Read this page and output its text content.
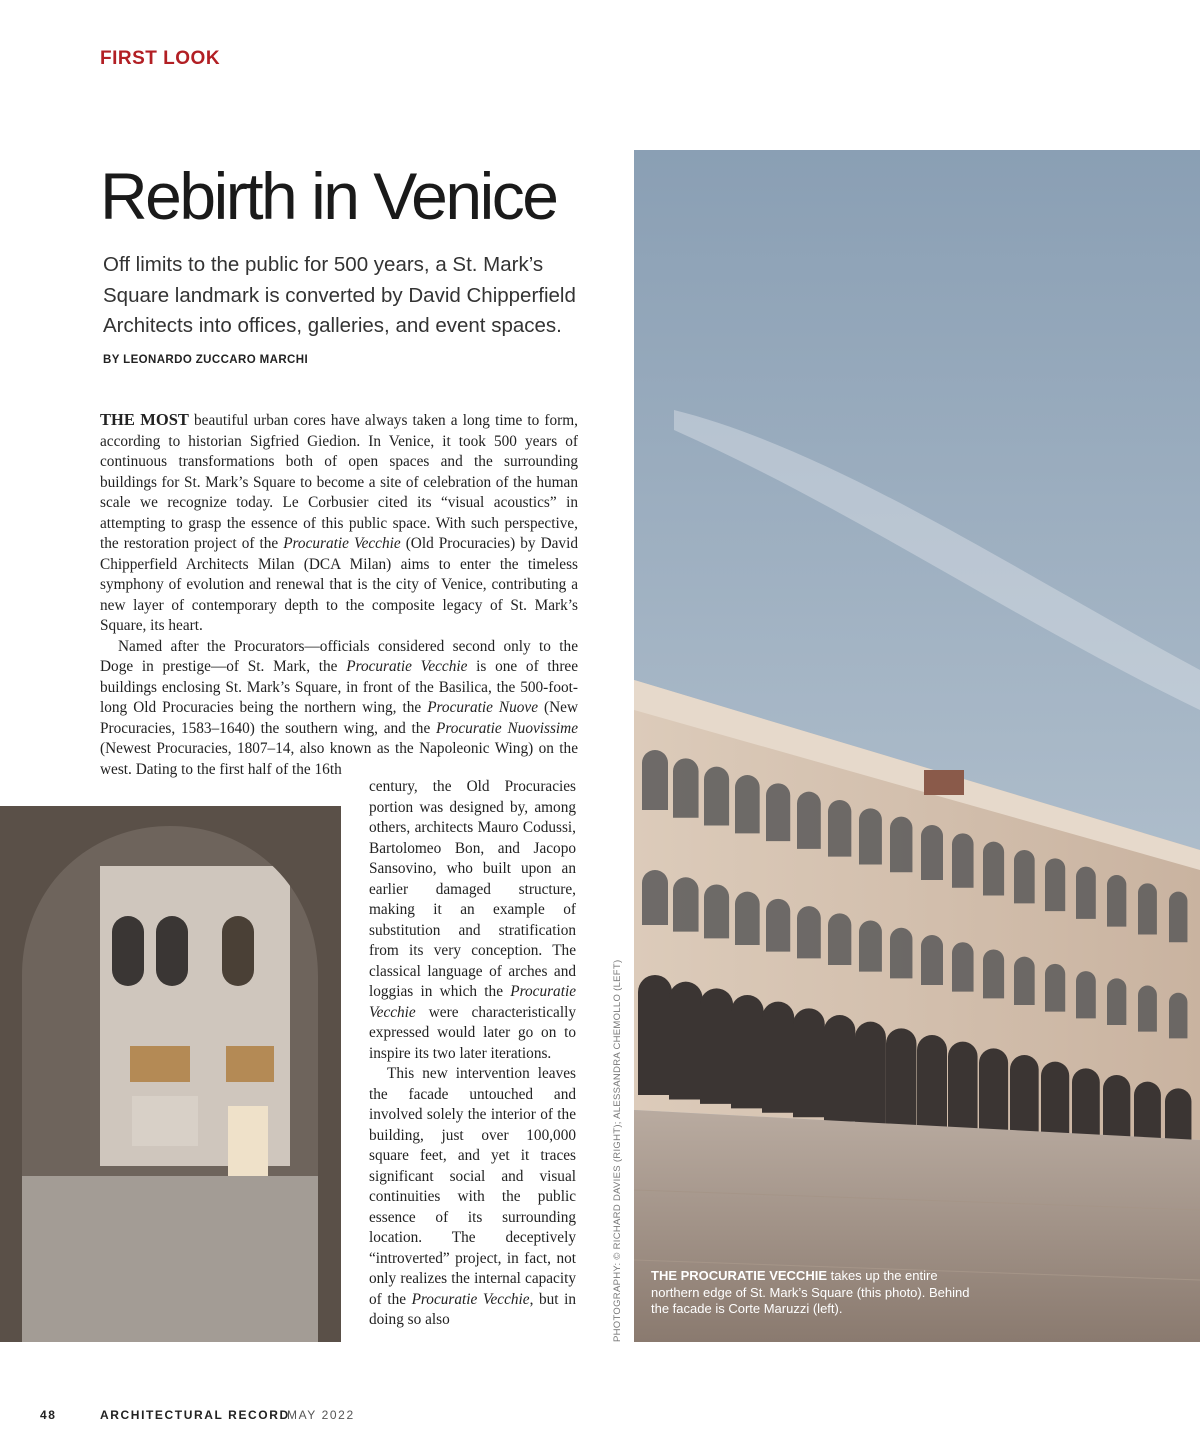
FIRST LOOK
Rebirth in Venice

Off limits to the public for 500 years, a St. Mark’s Square landmark is converted by David Chipperfield Architects into offices, galleries, and event spaces.

BY LEONARDO ZUCCARO MARCHI

THE MOST beautiful urban cores have always taken a long time to form, according to historian Sigfried Giedion. In Venice, it took 500 years of continuous transformations both of open spaces and the surrounding buildings for St. Mark’s Square to become a site of celebration of the human scale we recognize today. Le Corbusier cited its “visual acoustics” in attempting to grasp the essence of this public space. With such perspective, the restoration project of the Procuratie Vecchie (Old Procuracies) by David Chipperfield Architects Milan (DCA Milan) aims to enter the timeless symphony of evolution and renewal that is the city of Venice, contributing a new layer of contemporary depth to the composite legacy of St. Mark’s Square, its heart.

Named after the Procurators—officials considered second only to the Doge in prestige—of St. Mark, the Procuratie Vecchie is one of three buildings enclosing St. Mark’s Square, in front of the Basilica, the 500-foot-long Old Procuracies being the northern wing, the Procuratie Nuove (New Procuracies, 1583–1640) the southern wing, and the Procuratie Nuovissime (Newest Procuracies, 1807–14, also known as the Napoleonic Wing) on the west. Dating to the first half of the 16th

century, the Old Procuracies portion was designed by, among others, architects Mauro Codussi, Bartolomeo Bon, and Jacopo Sansovino, who built upon an earlier damaged structure, making it an example of substitution and stratification from its very conception. The classical language of arches and loggias in which the Procuratie Vecchie were characteristically expressed would later go on to inspire its two later iterations.

This new intervention leaves the facade untouched and involved solely the interior of the building, just over 100,000 square feet, and yet it traces significant social and visual continuities with the public essence of its surrounding location. The deceptively “introverted” project, in fact, not only realizes the internal capacity of the Procuratie Vecchie, but in doing so also

THE PROCURATIE VECCHIE takes up the entire northern edge of St. Mark’s Square (this photo). Behind the facade is Corte Maruzzi (left).
PHOTOGRAPHY: © RICHARD DAVIES (RIGHT); ALESSANDRA CHEMOLLO (LEFT)
48	ARCHITECTURAL RECORD
MAY 2022
